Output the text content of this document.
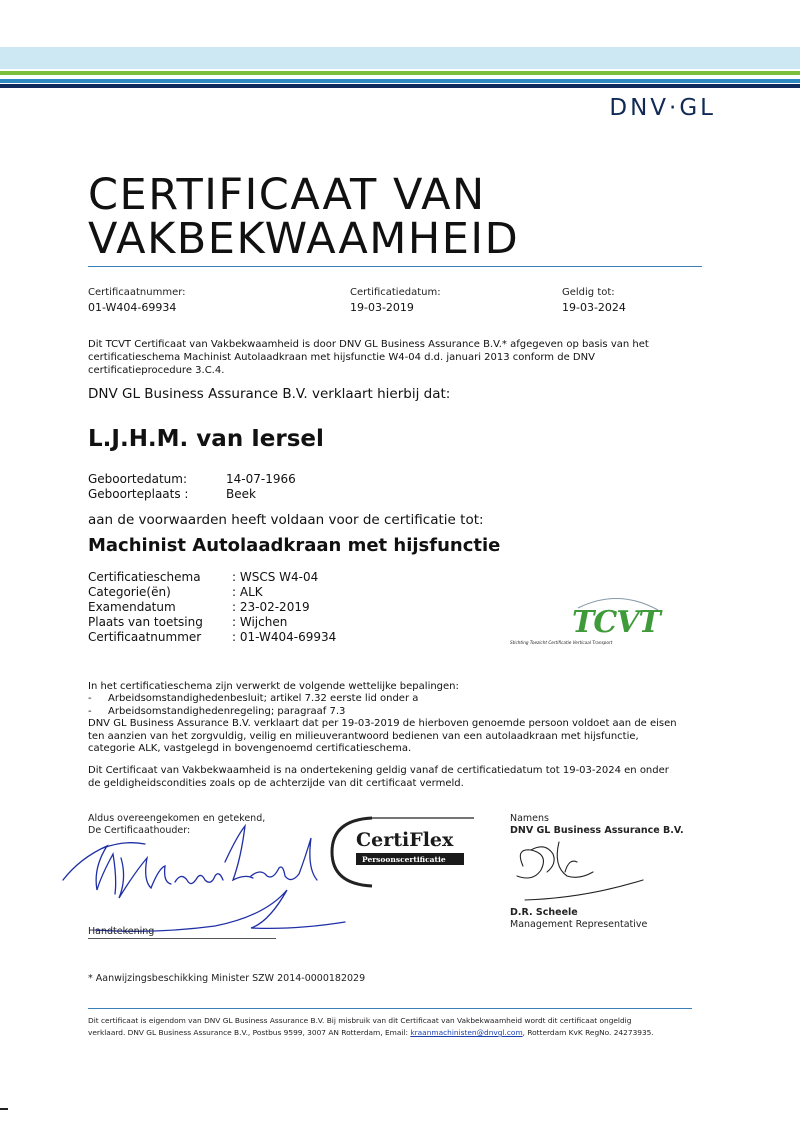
DNV·GL
CERTIFICAAT VAN
VAKBEKWAAMHEID
Certificaatnummer:
01-W404-69934
Certificatiedatum:
19-03-2019
Geldig tot:
19-03-2024
Dit TCVT Certificaat van Vakbekwaamheid is door DNV GL Business Assurance B.V.* afgegeven op basis van het
certificatieschema Machinist Autolaadkraan met hijsfunctie W4-04 d.d. januari 2013 conform de DNV
certificatieprocedure 3.C.4.
DNV GL Business Assurance B.V. verklaart hierbij dat:
L.J.H.M. van Iersel
Geboortedatum:	14-07-1966
Geboorteplaats :	Beek
aan de voorwaarden heeft voldaan voor de certificatie tot:
Machinist Autolaadkraan met hijsfunctie
Certificatieschema	: WSCS W4-04
Categorie(ën)	: ALK
Examendatum	: 23-02-2019
Plaats van toetsing : Wijchen
Certificaatnummer	: 01-W404-69934	TCVT
Stichting Toezicht Certificatie Verticaal Transport
In het certificatieschema zijn verwerkt de volgende wettelijke bepalingen:
- Arbeidsomstandighedenbesluit; artikel 7.32 eerste lid onder a
- Arbeidsomstandighedenregeling; paragraaf 7.3
DNV GL Business Assurance B.V. verklaart dat per 19-03-2019 de hierboven genoemde persoon voldoet aan de eisen
ten aanzien van het zorgvuldig, veilig en milieuverantwoord bedienen van een autolaadkraan met hijsfunctie,
categorie ALK, vastgelegd in bovengenoemd certificatieschema.
Dit Certificaat van Vakbekwaamheid is na ondertekening geldig vanaf de certificatiedatum tot 19-03-2024 en onder
de geldigheidscondities zoals op de achterzijde van dit certificaat vermeld.
Aldus overeengekomen en getekend,
De Certificaathouder:
Handtekening
CertiFlex
Persoonscertificatie
Namens
DNV GL Business Assurance B.V.
D.R. Scheele
Management Representative
* Aanwijzingsbeschikking Minister SZW 2014-0000182029
Dit certificaat is eigendom van DNV GL Business Assurance B.V. Bij misbruik van dit Certificaat van Vakbekwaamheid wordt dit certificaat ongeldig
verklaard. DNV GL Business Assurance B.V., Postbus 9599, 3007 AN Rotterdam, Email: kraanmachinisten@dnvgl.com, Rotterdam KvK RegNo. 24273935.
